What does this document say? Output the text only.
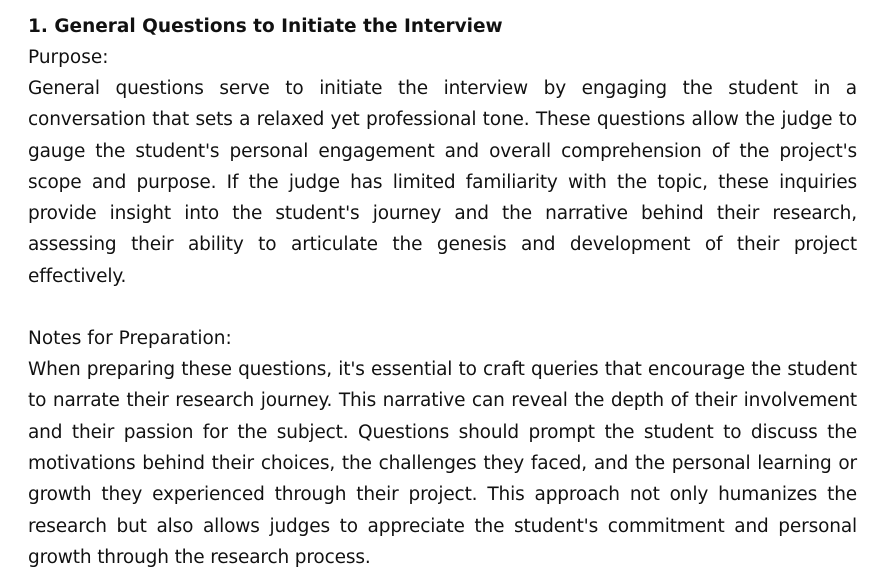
1. General Questions to Initiate the Interview

Purpose:

General questions serve to initiate the interview by engaging the student in a conversation that sets a relaxed yet professional tone. These questions allow the judge to gauge the student's personal engagement and overall comprehension of the project's scope and purpose. If the judge has limited familiarity with the topic, these inquiries provide insight into the student's journey and the narrative behind their research, assessing their ability to articulate the genesis and development of their project effectively.

Notes for Preparation:

When preparing these questions, it's essential to craft queries that encourage the student to narrate their research journey. This narrative can reveal the depth of their involvement and their passion for the subject. Questions should prompt the student to discuss the motivations behind their choices, the challenges they faced, and the personal learning or growth they experienced through their project. This approach not only humanizes the research but also allows judges to appreciate the student's commitment and personal growth through the research process.
